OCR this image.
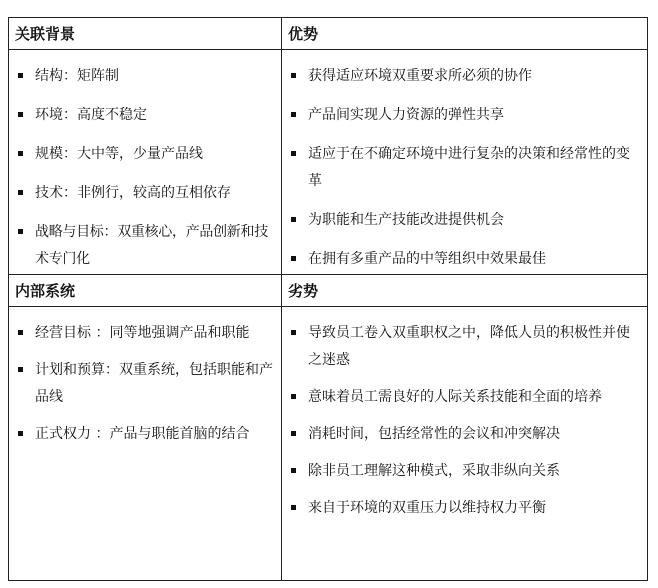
关联背景	优势
结构：矩阵制
环境：高度不稳定
规模：大中等，少量产品线
技术：非例行，较高的互相依存
战略与目标：双重核心，产品创新和技术专门化
获得适应环境双重要求所必须的协作
产品间实现人力资源的弹性共享
适应于在不确定环境中进行复杂的决策和经常性的变革
为职能和生产技能改进提供机会
在拥有多重产品的中等组织中效果最佳
内部系统	劣势
经营目标 ：同等地强调产品和职能
计划和预算：双重系统，包括职能和产品线
正式权力 ：产品与职能首脑的结合
导致员工卷入双重职权之中，降低人员的积极性并使之迷惑
意味着员工需良好的人际关系技能和全面的培养
消耗时间，包括经常性的会议和冲突解决
除非员工理解这种模式，采取非纵向关系
来自于环境的双重压力以维持权力平衡
